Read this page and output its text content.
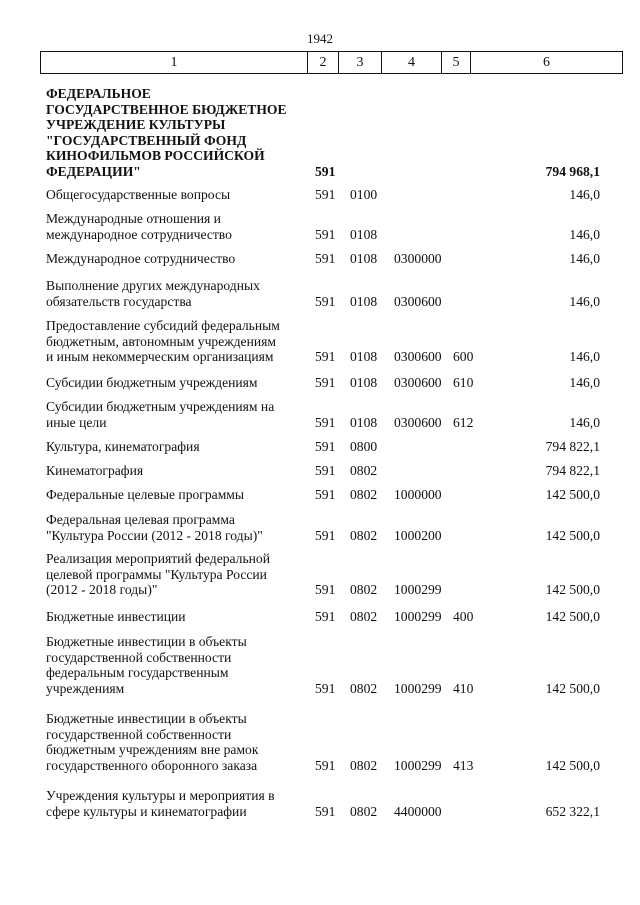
1942
1	2	3	4	5	6
ФЕДЕРАЛЬНОЕ
ГОСУДАРСТВЕННОЕ БЮДЖЕТНОЕ
УЧРЕЖДЕНИЕ КУЛЬТУРЫ
"ГОСУДАРСТВЕННЫЙ ФОНД
КИНОФИЛЬМОВ РОССИЙСКОЙ
ФЕДЕРАЦИИ"	591	794 968,1
Общегосударственные вопросы	591 0100	146,0
Международные отношения и
международное сотрудничество	591 0108	146,0
Международное сотрудничество	591 0108 0300000	146,0
Выполнение других международных
обязательств государства	591 0108 0300600	146,0
Предоставление субсидий федеральным
бюджетным, автономным учреждениям
и иным некоммерческим организациям	591 0108 0300600 600	146,0
Субсидии бюджетным учреждениям	591 0108 0300600 610	146,0
Субсидии бюджетным учреждениям на
иные цели	591 0108 0300600 612	146,0
Культура, кинематография	591 0800	794 822,1
Кинематография	591 0802	794 822,1
Федеральные целевые программы	591 0802 1000000	142 500,0
Федеральная целевая программа
"Культура России (2012 - 2018 годы)"	591 0802 1000200	142 500,0
Реализация мероприятий федеральной
целевой программы "Культура России
(2012 - 2018 годы)"	591 0802 1000299	142 500,0
Бюджетные инвестиции	591 0802 1000299 400	142 500,0
Бюджетные инвестиции в объекты
государственной собственности
федеральным государственным
учреждениям	591 0802 1000299 410	142 500,0
Бюджетные инвестиции в объекты
государственной собственности
бюджетным учреждениям вне рамок
государственного оборонного заказа	591 0802 1000299 413	142 500,0
Учреждения культуры и мероприятия в
сфере культуры и кинематографии	591 0802 4400000	652 322,1
